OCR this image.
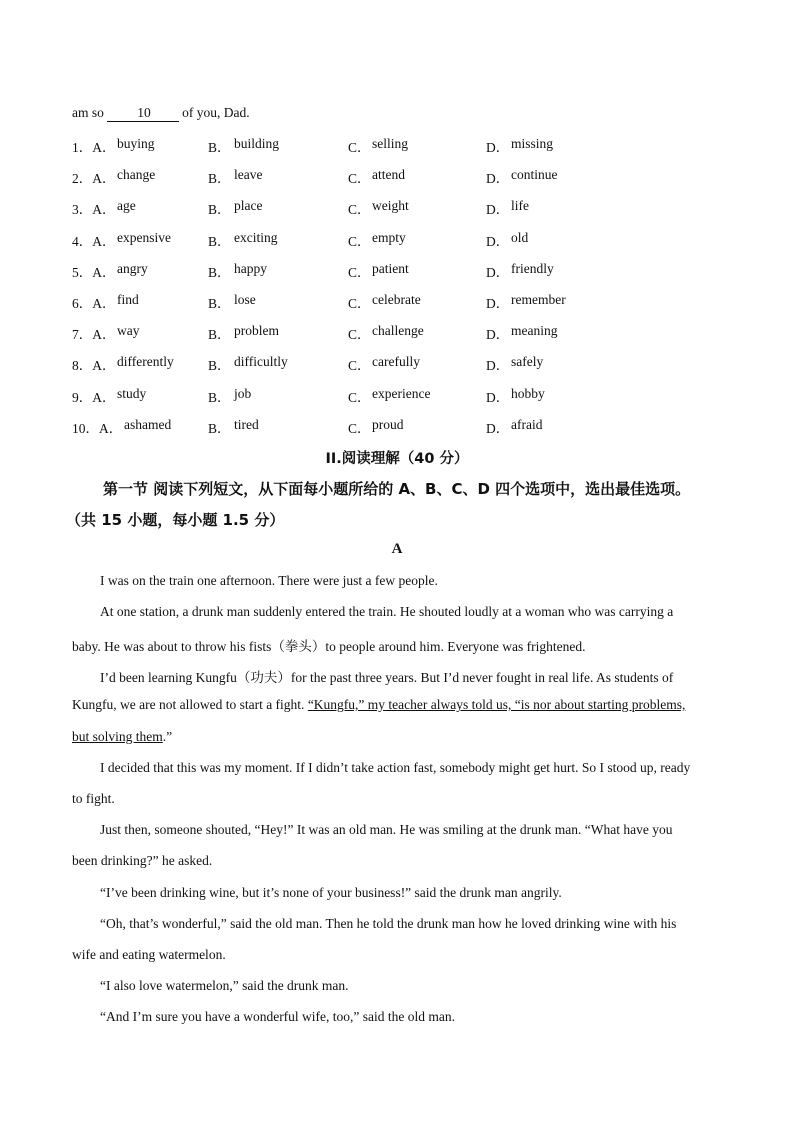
am so 10 of you, Dad.
1．A． buying	B． building	C． selling	D． missing
2．A． change	B． leave	C． attend	D． continue
3．A． age	B． place	C． weight	D． life
4．A． expensive	B． exciting	C． empty	D． old
5．A． angry	B． happy	C． patient	D． friendly
6．A． find	B． lose	C． celebrate	D． remember
7．A． way	B． problem	C． challenge	D． meaning
8．A． differently	B． difficultly	C． carefully	D． safely
9．A． study	B． job	C． experience	D． hobby
10．A． ashamed	B． tired	C． proud	D． afraid
II.阅读理解（40 分）
第一节 阅读下列短文，从下面每小题所给的 A、B、C、D 四个选项中，选出最佳选项。
（共 15 小题，每小题 1.5 分）
A
I was on the train one afternoon. There were just a few people.
At one station, a drunk man suddenly entered the train. He shouted loudly at a woman who was carrying a
baby. He was about to throw his fists（拳头）to people around him. Everyone was frightened.
I’d been learning Kungfu（功夫）for the past three years. But I’d never fought in real life. As students of
Kungfu, we are not allowed to start a fight. “Kungfu,” my teacher always told us, “is nor about starting problems,
but solving them.”
I decided that this was my moment. If I didn’t take action fast, somebody might get hurt. So I stood up, ready
to fight.
Just then, someone shouted, “Hey!” It was an old man. He was smiling at the drunk man. “What have you
been drinking?” he asked.
“I’ve been drinking wine, but it’s none of your business!” said the drunk man angrily.
“Oh, that’s wonderful,” said the old man. Then he told the drunk man how he loved drinking wine with his
wife and eating watermelon.
“I also love watermelon,” said the drunk man.
“And I’m sure you have a wonderful wife, too,” said the old man.
